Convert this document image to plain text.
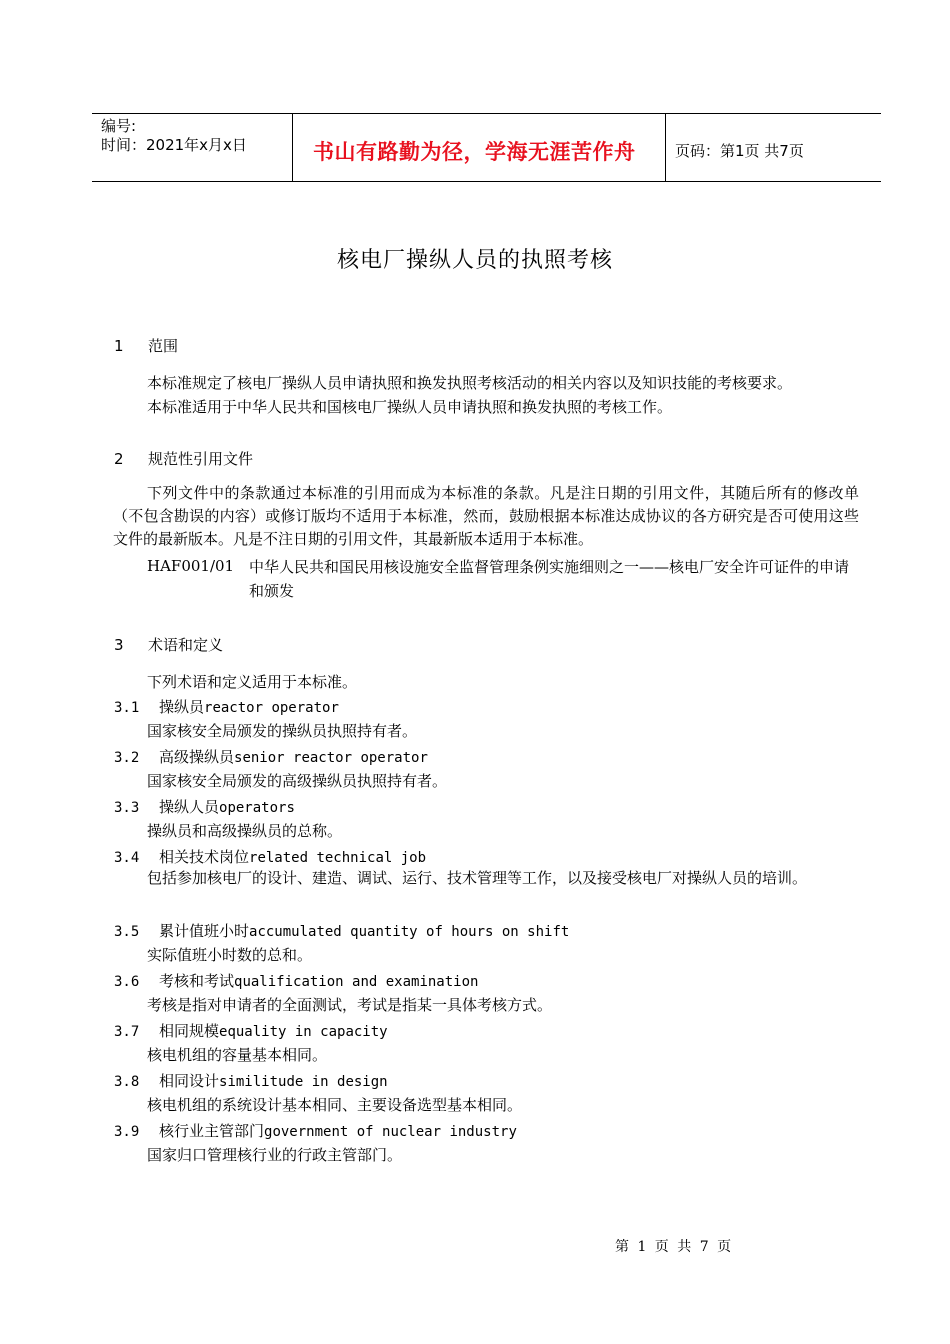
编号:
时间：2021年x月x日	书山有路勤为径，学海无涯苦作舟	页码：第1页 共7页
核电厂操纵人员的执照考核
1 范围
本标准规定了核电厂操纵人员申请执照和换发执照考核活动的相关内容以及知识技能的考核要求。
本标准适用于中华人民共和国核电厂操纵人员申请执照和换发执照的考核工作。
2 规范性引用文件
下列文件中的条款通过本标准的引用而成为本标准的条款。凡是注日期的引用文件，其随后所有的修改单（不包含勘误的内容）或修订版均不适用于本标准，然而，鼓励根据本标准达成协议的各方研究是否可使用这些文件的最新版本。凡是不注日期的引用文件，其最新版本适用于本标准。
HAF001/01 中华人民共和国民用核设施安全监督管理条例实施细则之一——核电厂安全许可证件的申请和颁发
3 术语和定义
下列术语和定义适用于本标准。
3.1 操纵员reactor operator
国家核安全局颁发的操纵员执照持有者。
3.2 高级操纵员senior reactor operator
国家核安全局颁发的高级操纵员执照持有者。
3.3 操纵人员operators
操纵员和高级操纵员的总称。
3.4 相关技术岗位related technical job
包括参加核电厂的设计、建造、调试、运行、技术管理等工作，以及接受核电厂对操纵人员的培训。
3.5 累计值班小时accumulated quantity of hours on shift
实际值班小时数的总和。
3.6 考核和考试qualification and examination
考核是指对申请者的全面测试，考试是指某一具体考核方式。
3.7 相同规模equality in capacity
核电机组的容量基本相同。
3.8 相同设计similitude in design
核电机组的系统设计基本相同、主要设备选型基本相同。
3.9 核行业主管部门government of nuclear industry
国家归口管理核行业的行政主管部门。
第 1 页 共 7 页
